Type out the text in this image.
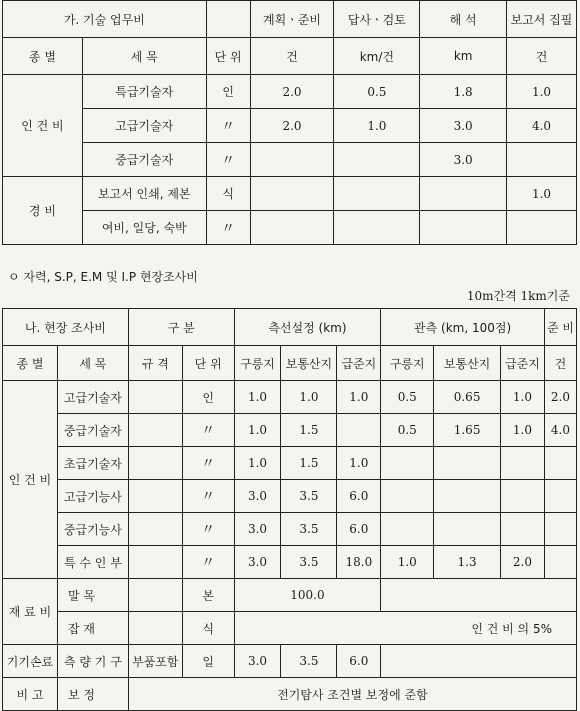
가. 기술 업무비			계획ㆍ준비	답사ㆍ검토	해 석	보고서 집필
종 별	세 목	단 위	건	km/건	km	건
인 건 비	특급기술자	인	2.0	0.5	1.8	1.0
	고급기술자	〃	2.0	1.0	3.0	4.0
	중급기술자	〃			3.0	
경 비	보고서 인쇄, 제본	식				1.0
	여비, 일당, 숙박	〃				
ㅇ 자력, S.P, E.M 및 I.P 현장조사비
10m간격 1km기준
나. 현장 조사비		구 분		측선설정 (km)			관측 (km, 100점)			준 비
종 별	세 목	규 격	단 위	구릉지	보통산지	급준지	구릉지	보통산지	급준지	건
인 건 비	고급기술자		인	1.0	1.0	1.0	0.5	0.65	1.0	2.0
	중급기술자		〃	1.0	1.5		0.5	1.65	1.0	4.0
	초급기술자		〃	1.0	1.5	1.0				
	고급기능사		〃	3.0	3.5	6.0				
	중급기능사		〃	3.0	3.5	6.0				
	특 수 인 부		〃	3.0	3.5	18.0	1.0	1.3	2.0	
재 료 비	말 목		본	100.0						
	잡 재		식	인 건 비 의 5%						
기기손료	측 량 기 구	부품포함	일	3.0	3.5	6.0				
비 고	보 정	전기탐사 조건별 보정에 준함								
